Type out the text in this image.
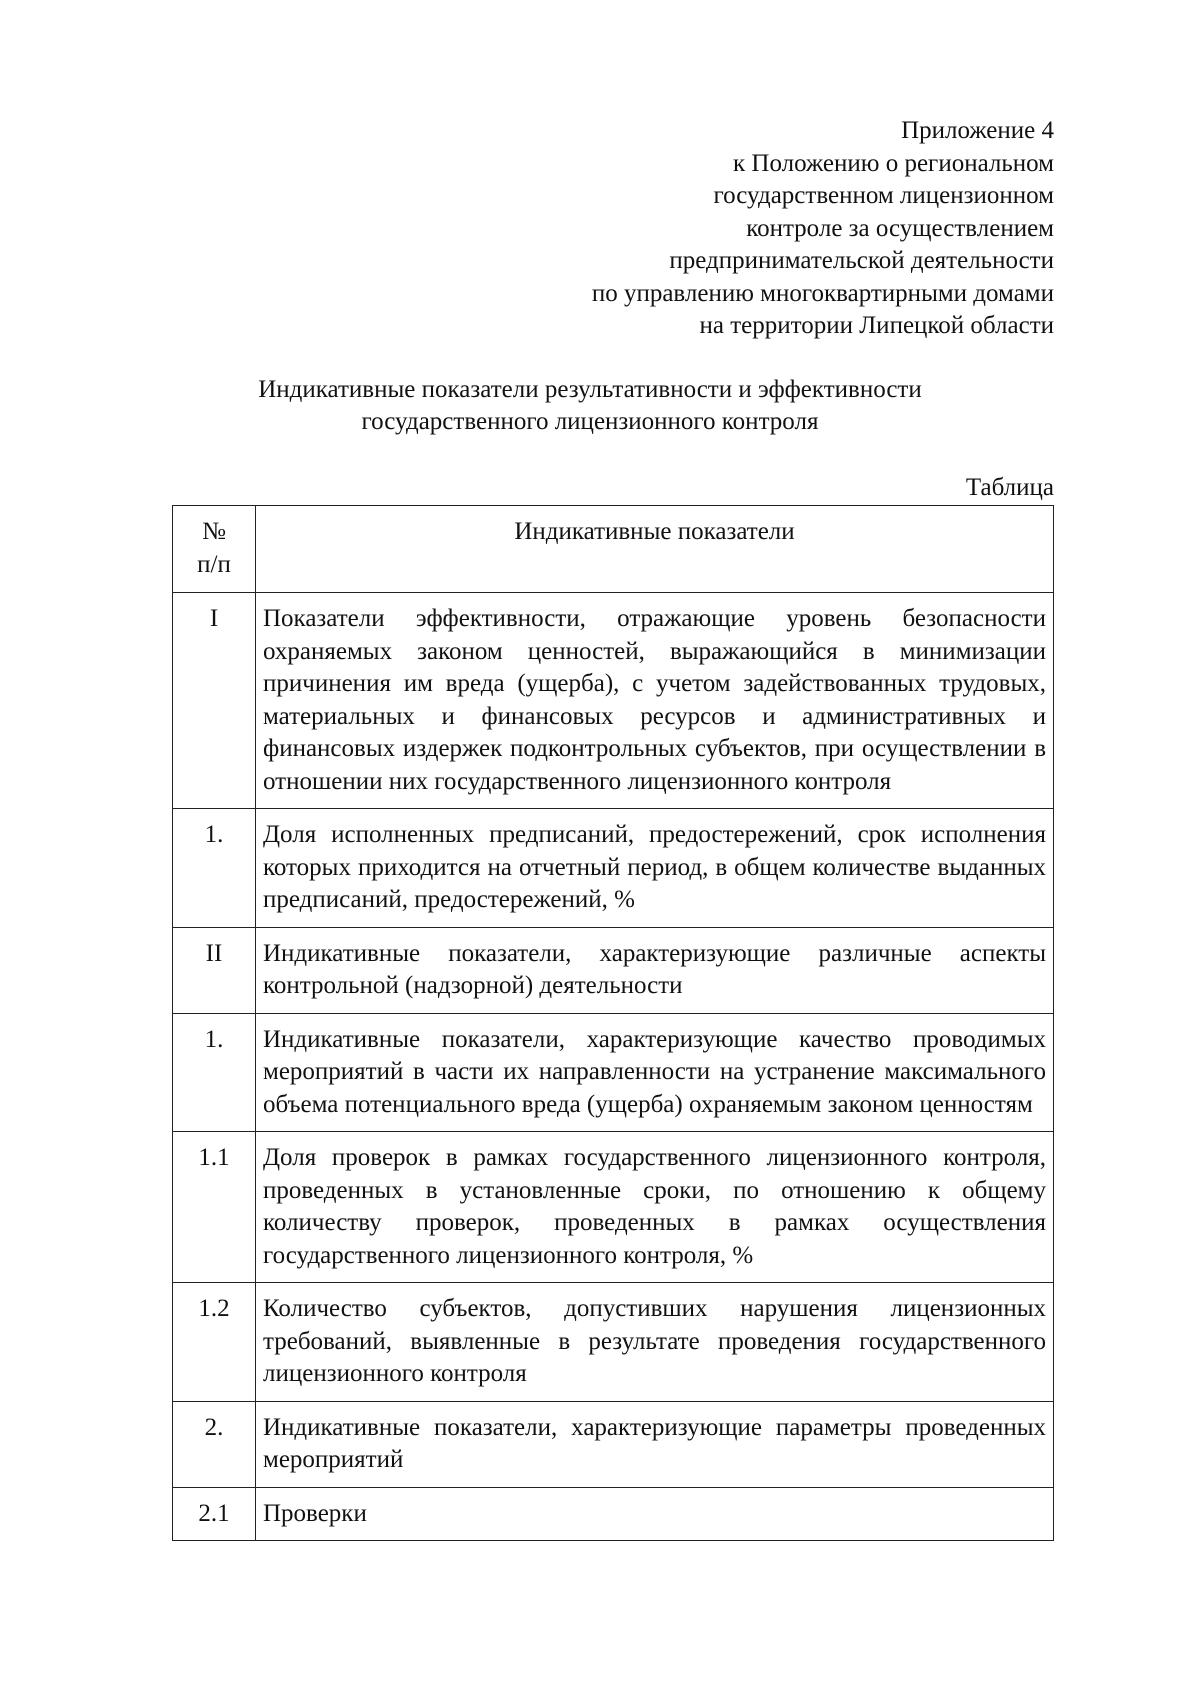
Приложение 4
к Положению о региональном
государственном лицензионном
контроле за осуществлением
предпринимательской деятельности
по управлению многоквартирными домами
на территории Липецкой области
Индикативные показатели результативности и эффективности
государственного лицензионного контроля
Таблица
№
п/п	Индикативные показатели
I	Показатели эффективности, отражающие уровень безопасности охраняемых законом ценностей, выражающийся в минимизации причинения им вреда (ущерба), с учетом задействованных трудовых, материальных и финансовых ресурсов и административных и финансовых издержек подконтрольных субъектов, при осуществлении в отношении них государственного лицензионного контроля
1.	Доля исполненных предписаний, предостережений, срок исполнения которых приходится на отчетный период, в общем количестве выданных предписаний, предостережений, %
II	Индикативные показатели, характеризующие различные аспекты контрольной (надзорной) деятельности
1.	Индикативные показатели, характеризующие качество проводимых мероприятий в части их направленности на устранение максимального объема потенциального вреда (ущерба) охраняемым законом ценностям
1.1	Доля проверок в рамках государственного лицензионного контроля, проведенных в установленные сроки, по отношению к общему количеству проверок, проведенных в рамках осуществления государственного лицензионного контроля, %
1.2	Количество субъектов, допустивших нарушения лицензионных требований, выявленные в результате проведения государственного лицензионного контроля
2.	Индикативные показатели, характеризующие параметры проведенных мероприятий
2.1	Проверки
